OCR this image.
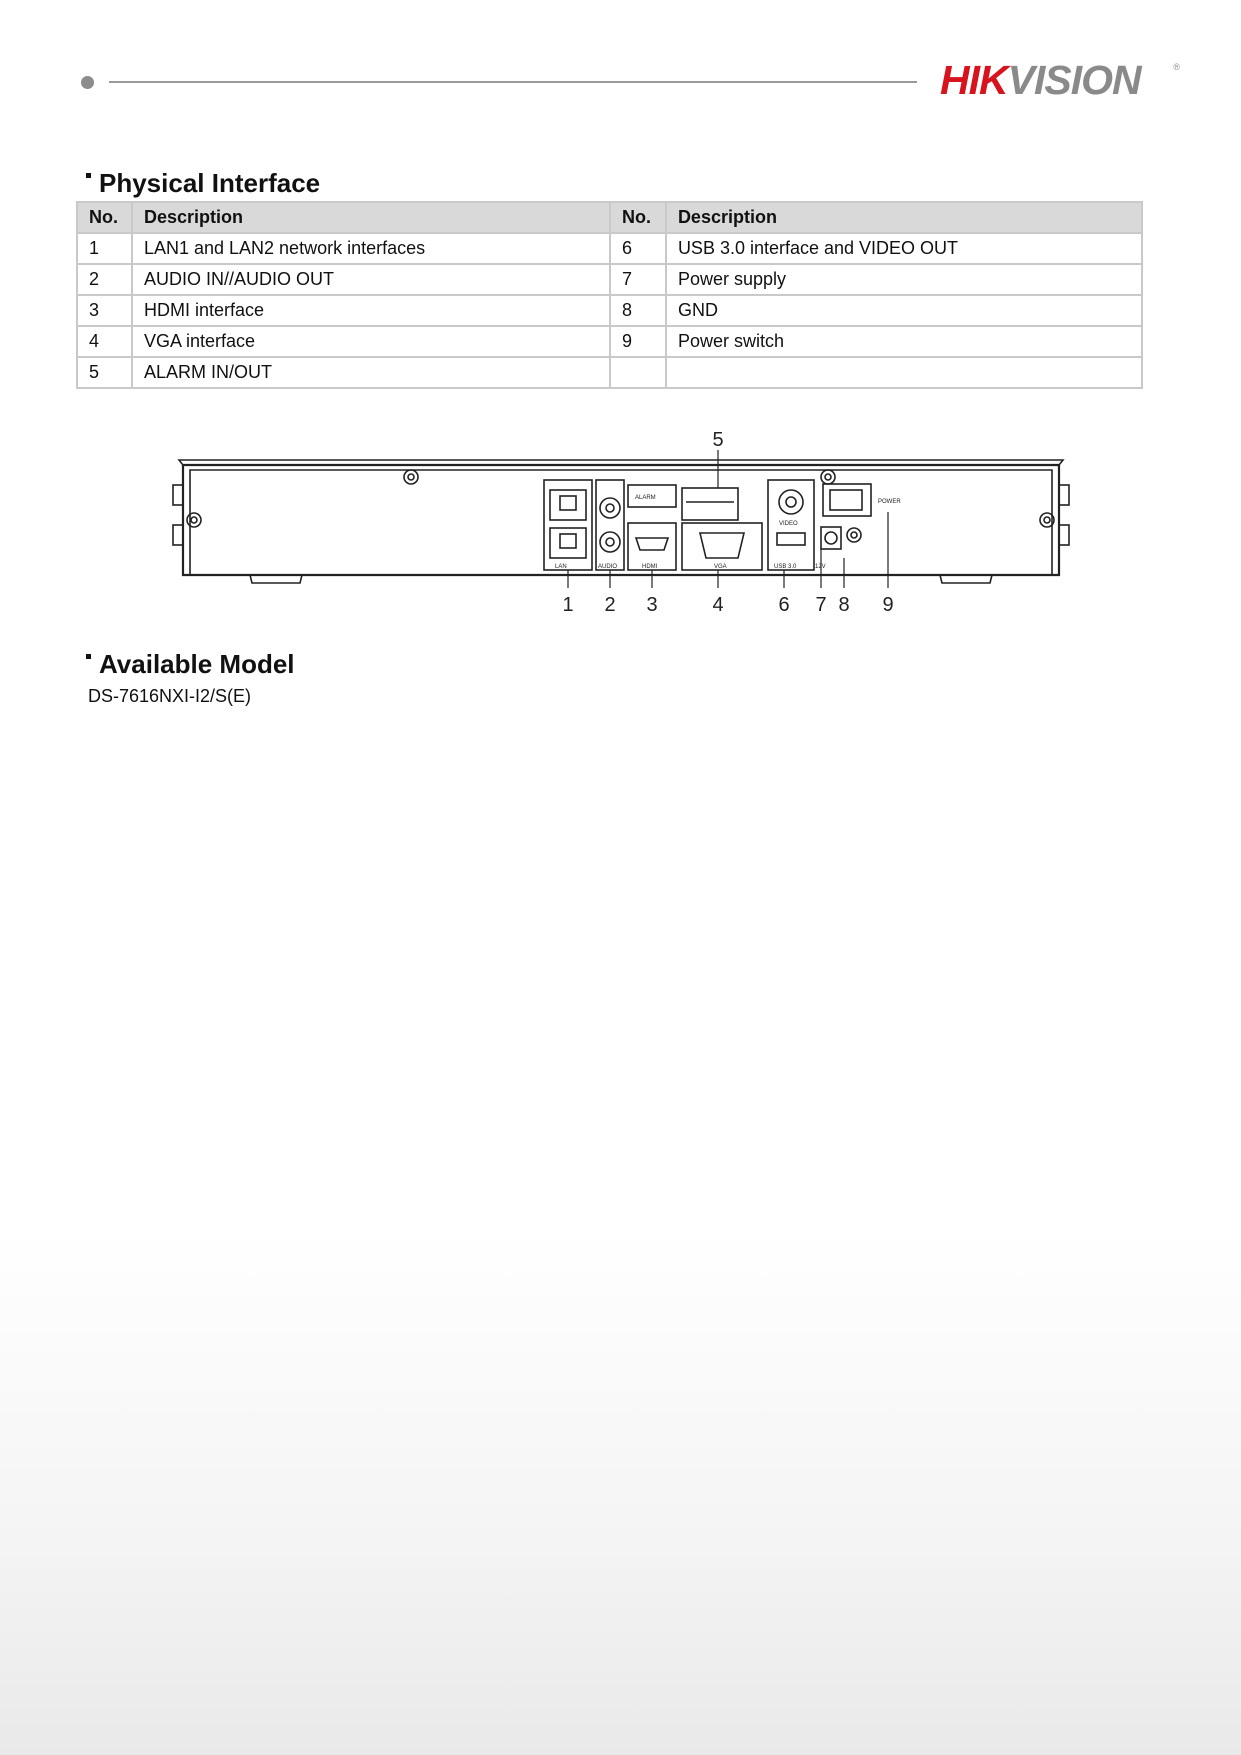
HIKVISION	®
Physical Interface
No.	Description	No.	Description
1	LAN1 and LAN2 network interfaces	6	USB 3.0 interface and VIDEO OUT
2	AUDIO IN//AUDIO OUT	7	Power supply
3	HDMI interface	8	GND
4	VGA interface	9	Power switch
5	ALARM IN/OUT		
LAN	AUDIO	HDMI	VGA	USB 3.0
VIDEO
ALARM
12V
POWER
5
1 2 3	4	6 7 8 9
Available Model
DS-7616NXI-I2/S(E)
